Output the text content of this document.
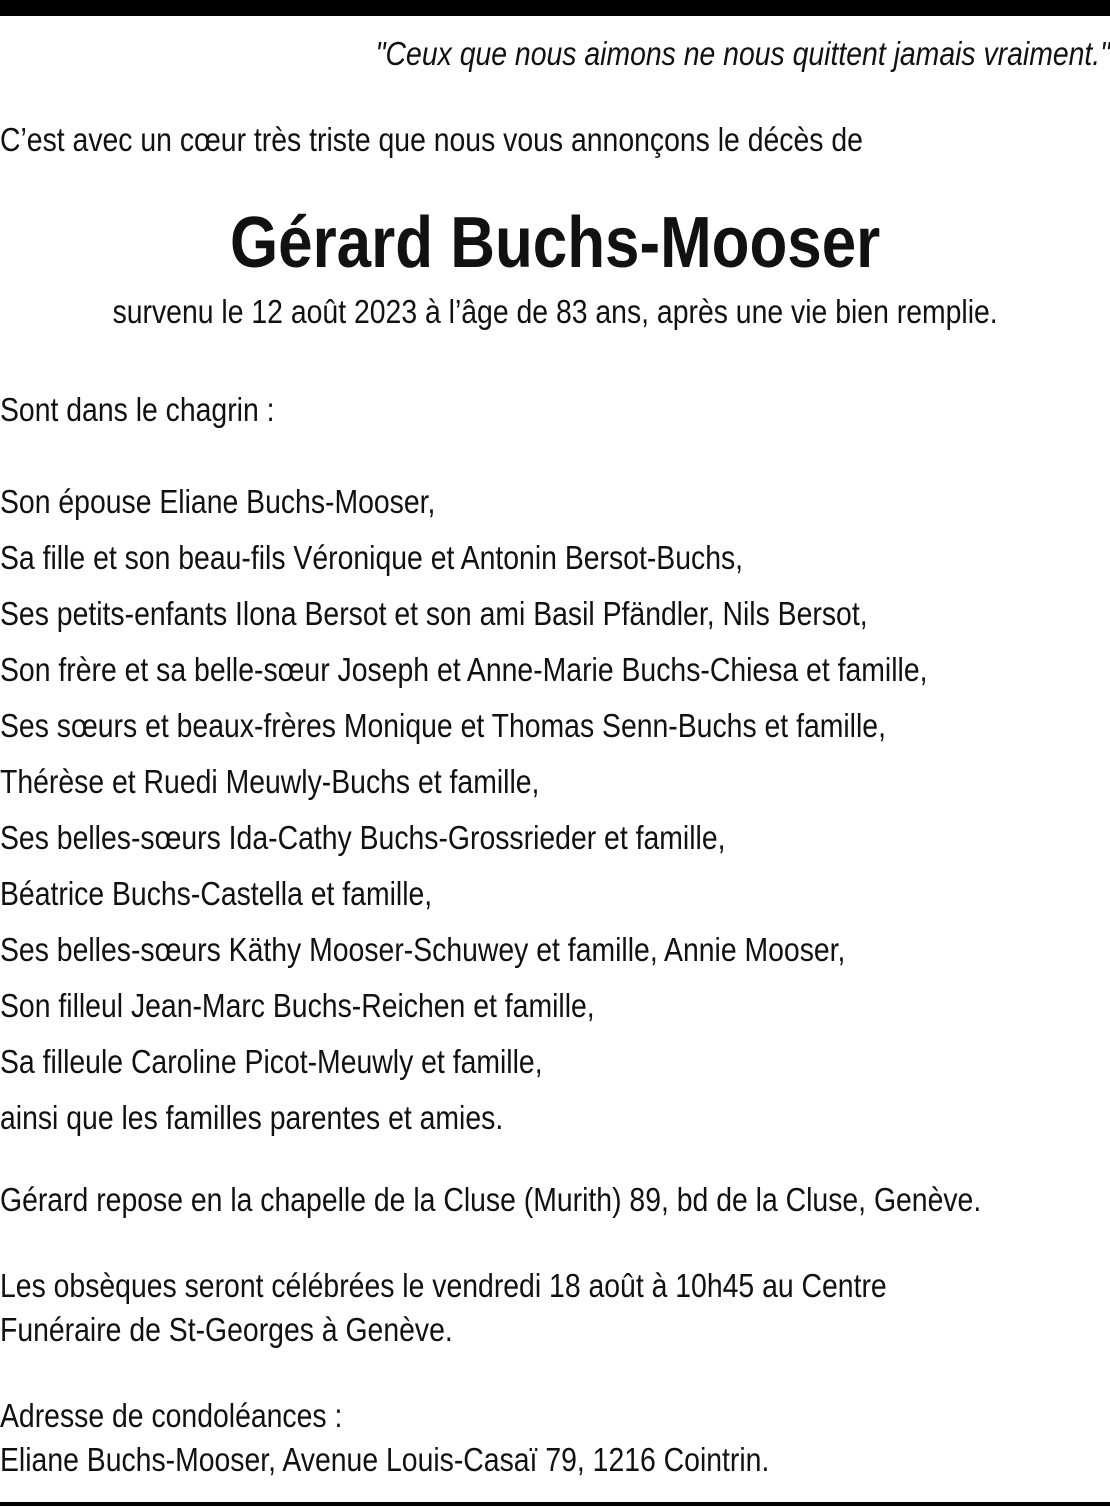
"Ceux que nous aimons ne nous quittent jamais vraiment."

C’est avec un cœur très triste que nous vous annonçons le décès de

Gérard Buchs-Mooser

survenu le 12 août 2023 à l’âge de 83 ans, après une vie bien remplie.

Sont dans le chagrin :

Son épouse Eliane Buchs-Mooser,
Sa fille et son beau-fils Véronique et Antonin Bersot-Buchs,
Ses petits-enfants Ilona Bersot et son ami Basil Pfändler, Nils Bersot,
Son frère et sa belle-sœur Joseph et Anne-Marie Buchs-Chiesa et famille,
Ses sœurs et beaux-frères Monique et Thomas Senn-Buchs et famille,
Thérèse et Ruedi Meuwly-Buchs et famille,
Ses belles-sœurs Ida-Cathy Buchs-Grossrieder et famille,
Béatrice Buchs-Castella et famille,
Ses belles-sœurs Käthy Mooser-Schuwey et famille, Annie Mooser,
Son filleul Jean-Marc Buchs-Reichen et famille,
Sa filleule Caroline Picot-Meuwly et famille,
ainsi que les familles parentes et amies.

Gérard repose en la chapelle de la Cluse (Murith) 89, bd de la Cluse, Genève.

Les obsèques seront célébrées le vendredi 18 août à 10h45 au Centre
Funéraire de St-Georges à Genève.

Adresse de condoléances :
Eliane Buchs-Mooser, Avenue Louis-Casaï 79, 1216 Cointrin.
